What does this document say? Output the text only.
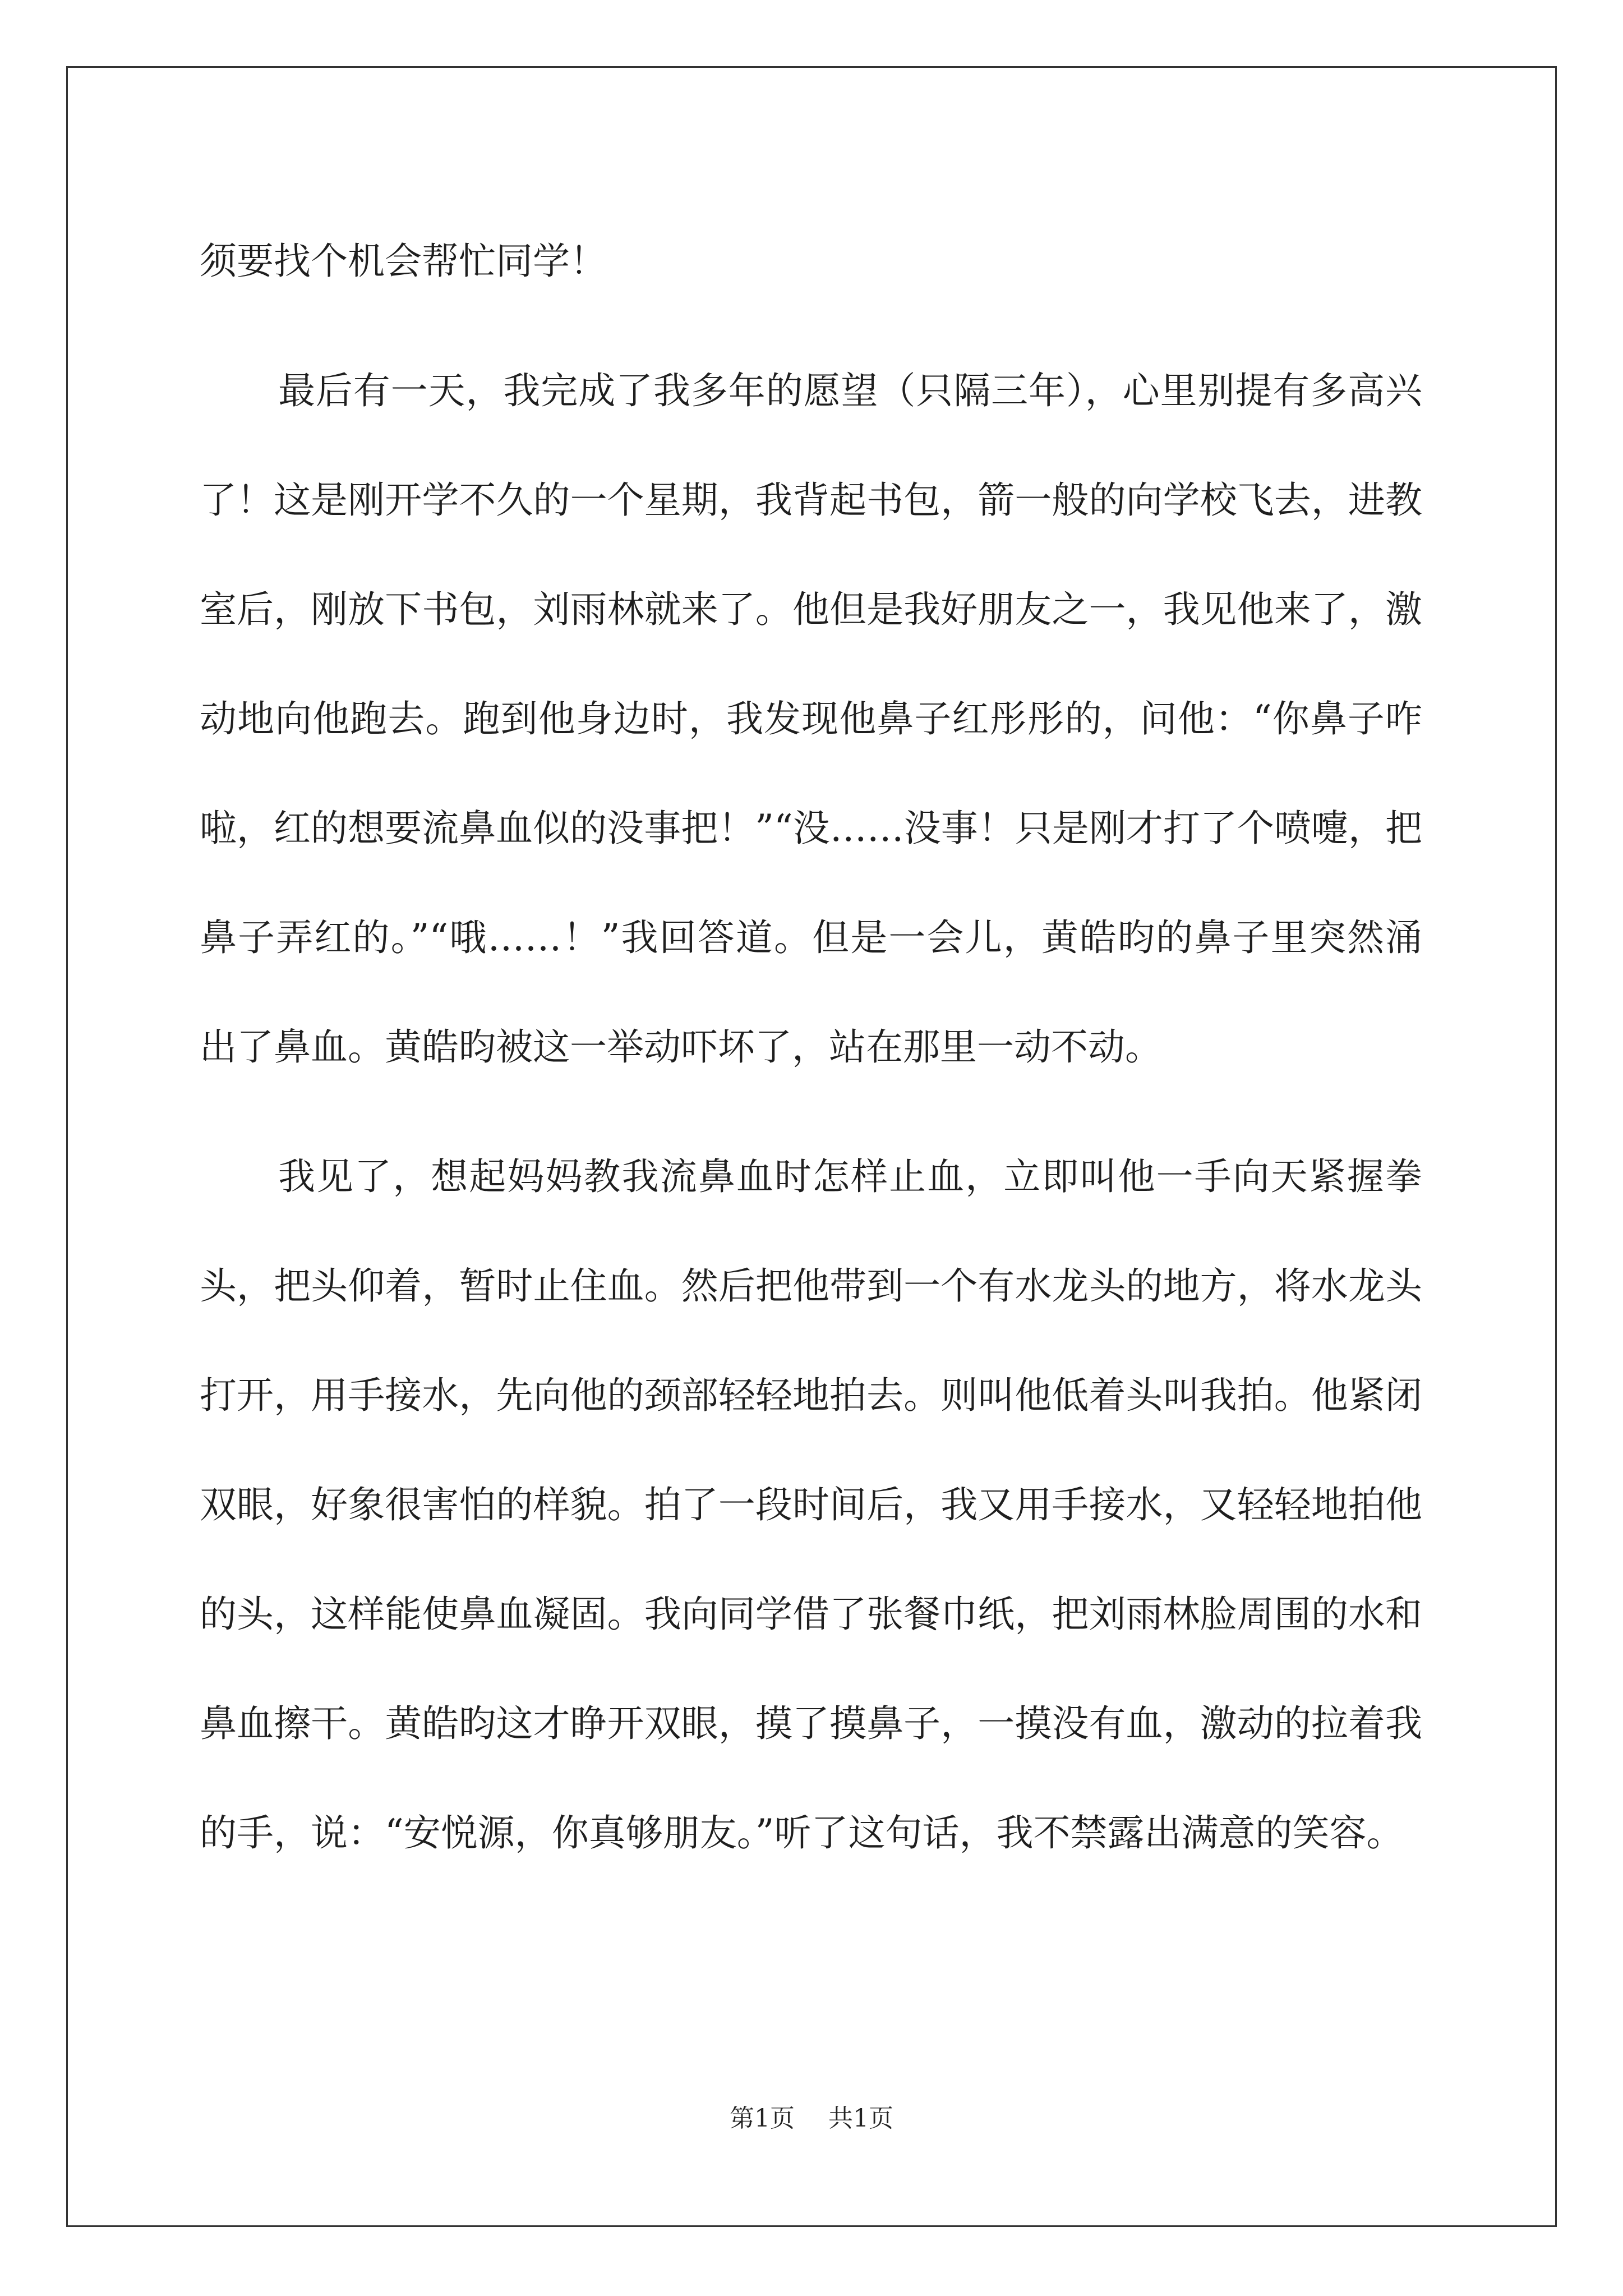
须要找个机会帮忙同学！

最后有一天，我完成了我多年的愿望（只隔三年），心里别提有多高兴了！这是刚开学不久的一个星期，我背起书包，箭一般的向学校飞去，进教室后，刚放下书包，刘雨林就来了。他但是我好朋友之一，我见他来了，激动地向他跑去。跑到他身边时，我发现他鼻子红彤彤的，问他：“你鼻子咋啦，红的想要流鼻血似的没事把！”“没……没事！只是刚才打了个喷嚏，把鼻子弄红的。”“哦……！”我回答道。但是一会儿，黄皓昀的鼻子里突然涌出了鼻血。黄皓昀被这一举动吓坏了，站在那里一动不动。

我见了，想起妈妈教我流鼻血时怎样止血，立即叫他一手向天紧握拳头，把头仰着，暂时止住血。然后把他带到一个有水龙头的地方，将水龙头打开，用手接水，先向他的颈部轻轻地拍去。则叫他低着头叫我拍。他紧闭双眼，好象很害怕的样貌。拍了一段时间后，我又用手接水，又轻轻地拍他的头，这样能使鼻血凝固。我向同学借了张餐巾纸，把刘雨林脸周围的水和鼻血擦干。黄皓昀这才睁开双眼，摸了摸鼻子，一摸没有血，激动的拉着我的手，说：“安悦源，你真够朋友。”听了这句话，我不禁露出满意的笑容。

第1页 共1页
